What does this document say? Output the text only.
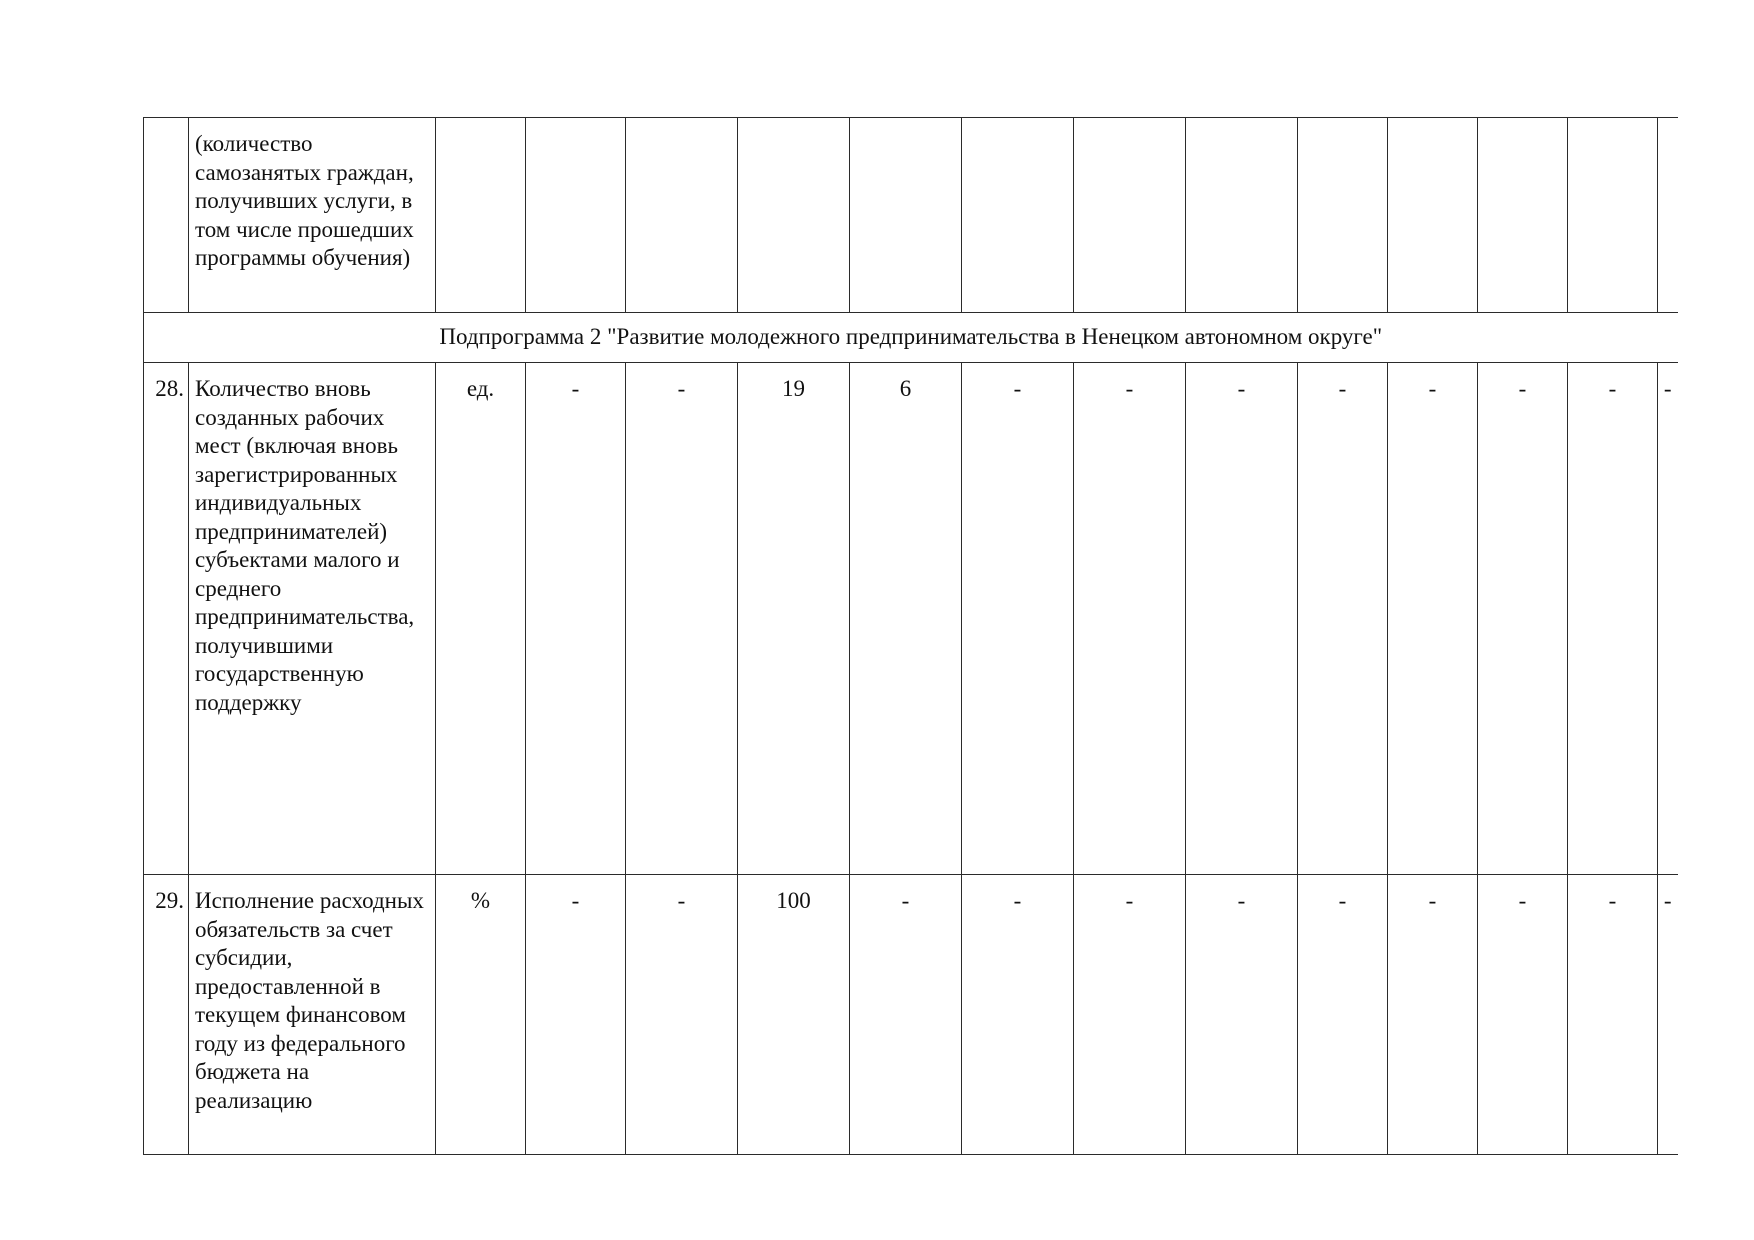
	(количество самозанятых граждан, получивших услуги, в том числе прошедших программы обучения)													
Подпрограмма 2 "Развитие молодежного предпринимательства в Ненецком автономном округе"														
28.	Количество вновь созданных рабочих мест (включая вновь зарегистрированных индивидуальных предпринимателей) субъектами малого и среднего предпринимательства, получившими государственную поддержку	ед.	-	-	19	6	-	-	-	-	-	-	-	-
29.	Исполнение расходных обязательств за счет субсидии, предоставленной в текущем финансовом году из федерального бюджета на реализацию	%	-	-	100	-	-	-	-	-	-	-	-	-
